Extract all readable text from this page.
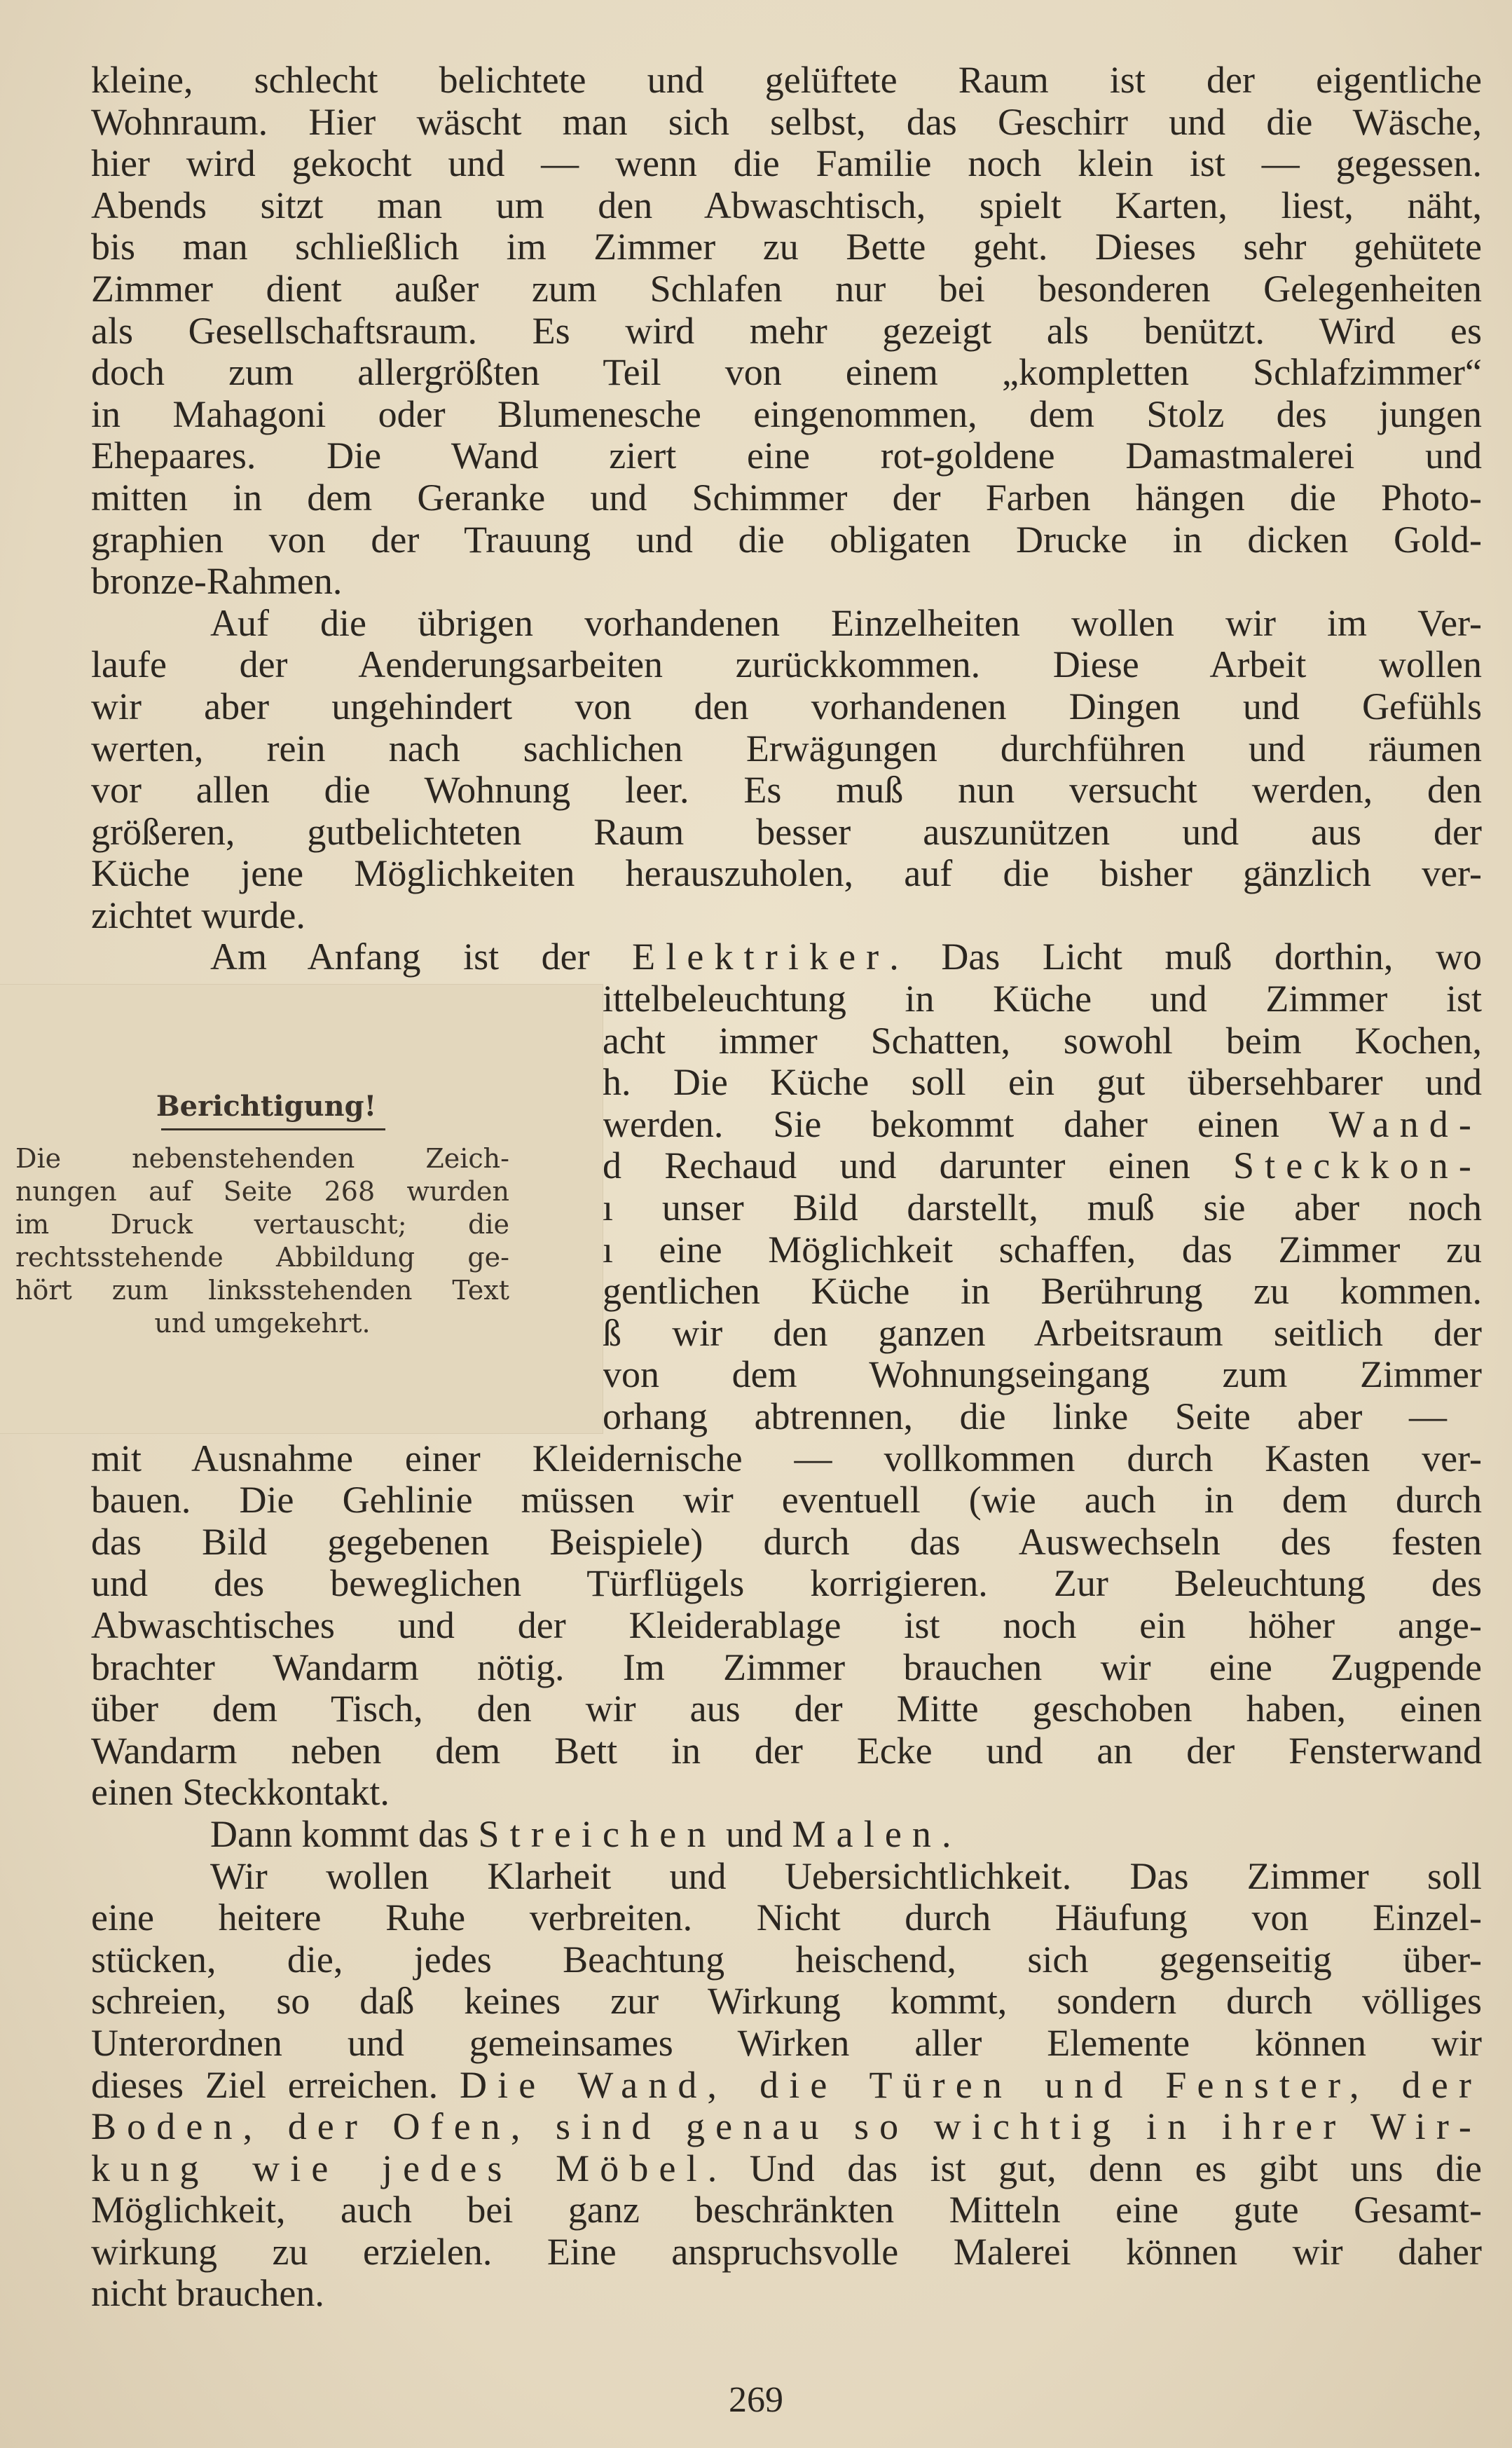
kleine, schlecht belichtete und gelüftete Raum ist der eigentliche
Wohnraum. Hier wäscht man sich selbst, das Geschirr und die Wäsche,
hier wird gekocht und — wenn die Familie noch klein ist — gegessen.
Abends sitzt man um den Abwaschtisch, spielt Karten, liest, näht,
bis man schließlich im Zimmer zu Bette geht. Dieses sehr gehütete
Zimmer dient außer zum Schlafen nur bei besonderen Gelegenheiten
als Gesellschaftsraum. Es wird mehr gezeigt als benützt. Wird es
doch zum allergrößten Teil von einem „kompletten Schlafzimmer“
in Mahagoni oder Blumenesche eingenommen, dem Stolz des jungen
Ehepaares. Die Wand ziert eine rot-goldene Damastmalerei und
mitten in dem Geranke und Schimmer der Farben hängen die Photo-
graphien von der Trauung und die obligaten Drucke in dicken Gold-
bronze-Rahmen.
Auf die übrigen vorhandenen Einzelheiten wollen wir im Ver-
laufe der Aenderungsarbeiten zurückkommen. Diese Arbeit wollen
wir aber ungehindert von den vorhandenen Dingen und Gefühls
werten, rein nach sachlichen Erwägungen durchführen und räumen
vor allen die Wohnung leer. Es muß nun versucht werden, den
größeren, gutbelichteten Raum besser auszunützen und aus der
Küche jene Möglichkeiten herauszuholen, auf die bisher gänzlich ver-
zichtet wurde.
Am Anfang ist der Elektriker. Das Licht muß dorthin, wo
ittelbeleuchtung in Küche und Zimmer ist
acht immer Schatten, sowohl beim Kochen,
h. Die Küche soll ein gut übersehbarer und
werden. Sie bekommt daher einen Wand-
d Rechaud und darunter einen Steckkon-
ı unser Bild darstellt, muß sie aber noch
ı eine Möglichkeit schaffen, das Zimmer zu
gentlichen Küche in Berührung zu kommen.
ß wir den ganzen Arbeitsraum seitlich der
von dem Wohnungseingang zum Zimmer
orhang abtrennen, die linke Seite aber —
mit Ausnahme einer Kleidernische — vollkommen durch Kasten ver-
bauen. Die Gehlinie müssen wir eventuell (wie auch in dem durch
das Bild gegebenen Beispiele) durch das Auswechseln des festen
und des beweglichen Türflügels korrigieren. Zur Beleuchtung des
Abwaschtisches und der Kleiderablage ist noch ein höher ange-
brachter Wandarm nötig. Im Zimmer brauchen wir eine Zugpende
über dem Tisch, den wir aus der Mitte geschoben haben, einen
Wandarm neben dem Bett in der Ecke und an der Fensterwand
einen Steckkontakt.
Dann kommt das Streichen und Malen.
Wir wollen Klarheit und Uebersichtlichkeit. Das Zimmer soll
eine heitere Ruhe verbreiten. Nicht durch Häufung von Einzel-
stücken, die, jedes Beachtung heischend, sich gegenseitig über-
schreien, so daß keines zur Wirkung kommt, sondern durch völliges
Unterordnen und gemeinsames Wirken aller Elemente können wir
dieses Ziel erreichen. Die Wand, die Türen und Fenster, der
Boden, der Ofen, sind genau so wichtig in ihrer Wir-
kung wie jedes Möbel. Und das ist gut, denn es gibt uns die
Möglichkeit, auch bei ganz beschränkten Mitteln eine gute Gesamt-
wirkung zu erzielen. Eine anspruchsvolle Malerei können wir daher
nicht brauchen.
Berichtigung!
Die nebenstehenden Zeich-
nungen auf Seite 268 wurden
im Druck vertauscht; die
rechtsstehende Abbildung ge-
hört zum linksstehenden Text
und umgekehrt.
269
